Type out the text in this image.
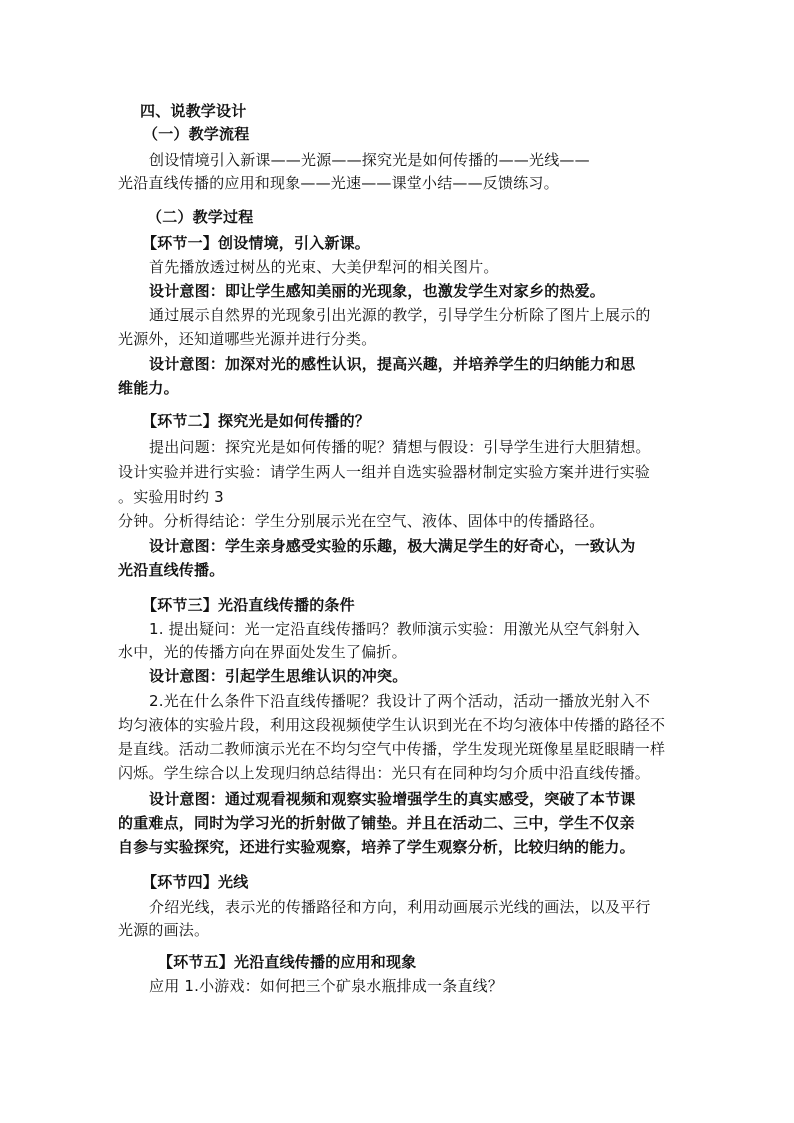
四、说教学设计
（一）教学流程
创设情境引入新课——光源——探究光是如何传播的——光线——
光沿直线传播的应用和现象——光速——课堂小结——反馈练习。
（二）教学过程
【环节一】创设情境，引入新课。
首先播放透过树丛的光束、大美伊犁河的相关图片。
设计意图：即让学生感知美丽的光现象，也激发学生对家乡的热爱。
通过展示自然界的光现象引出光源的教学，引导学生分析除了图片上展示的
光源外，还知道哪些光源并进行分类。
设计意图：加深对光的感性认识，提高兴趣，并培养学生的归纳能力和思
维能力。
【环节二】探究光是如何传播的？
提出问题：探究光是如何传播的呢？猜想与假设：引导学生进行大胆猜想。
设计实验并进行实验：请学生两人一组并自选实验器材制定实验方案并进行实验
。实验用时约 3
分钟。分析得结论：学生分别展示光在空气、液体、固体中的传播路径。
设计意图：学生亲身感受实验的乐趣，极大满足学生的好奇心，一致认为
光沿直线传播。
【环节三】光沿直线传播的条件
1. 提出疑问：光一定沿直线传播吗？教师演示实验：用激光从空气斜射入
水中，光的传播方向在界面处发生了偏折。
设计意图：引起学生思维认识的冲突。
2.光在什么条件下沿直线传播呢？我设计了两个活动，活动一播放光射入不
均匀液体的实验片段，利用这段视频使学生认识到光在不均匀液体中传播的路径不
是直线。活动二教师演示光在不均匀空气中传播，学生发现光斑像星星眨眼睛一样
闪烁。学生综合以上发现归纳总结得出：光只有在同种均匀介质中沿直线传播。
设计意图：通过观看视频和观察实验增强学生的真实感受，突破了本节课
的重难点，同时为学习光的折射做了铺垫。并且在活动二、三中，学生不仅亲
自参与实验探究，还进行实验观察，培养了学生观察分析，比较归纳的能力。
【环节四】光线
介绍光线，表示光的传播路径和方向，利用动画展示光线的画法，以及平行
光源的画法。
【环节五】光沿直线传播的应用和现象
应用 1.小游戏：如何把三个矿泉水瓶排成一条直线？
